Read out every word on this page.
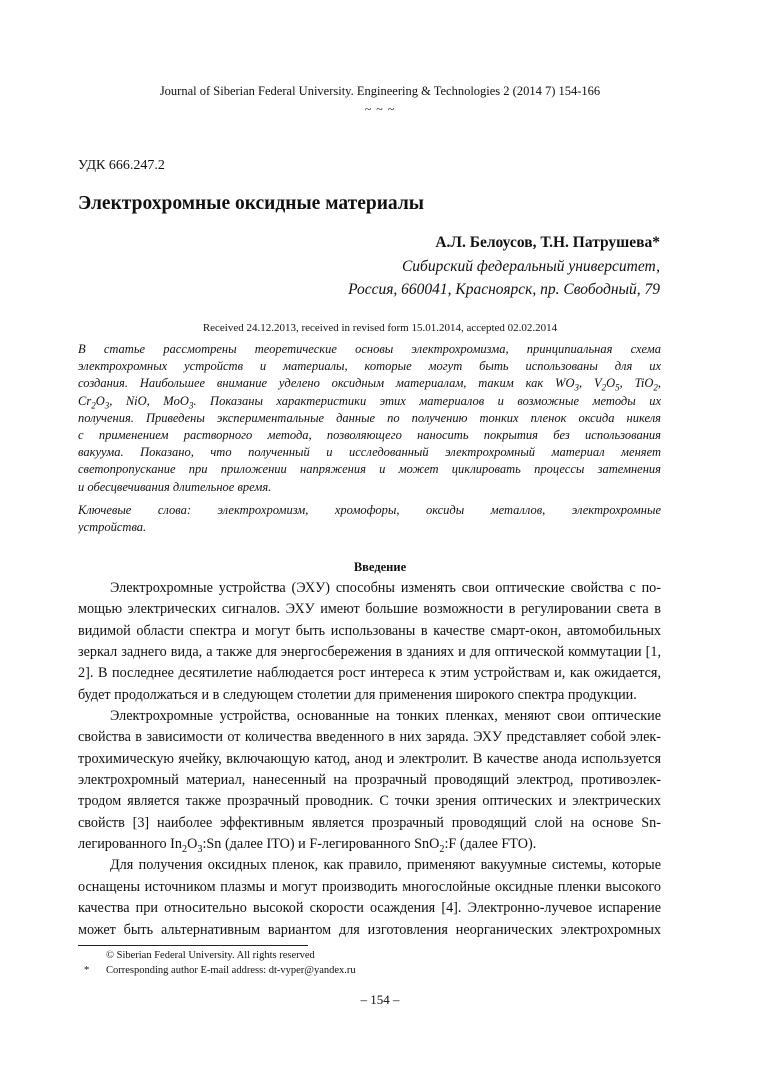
Journal of Siberian Federal University. Engineering & Technologies 2 (2014 7) 154-166
~ ~ ~
УДК 666.247.2
Электрохромные оксидные материалы
А.Л. Белоусов, Т.Н. Патрушева*
Сибирский федеральный университет,
Россия, 660041, Красноярск, пр. Свободный, 79
Received 24.12.2013, received in revised form 15.01.2014, accepted 02.02.2014
В статье рассмотрены теоретические основы электрохромизма, принципиальная схема
электрохромных устройств и материалы, которые могут быть использованы для их
создания. Наибольшее внимание уделено оксидным материалам, таким как $WO_3$, $V_2O_5$, TiO$_2$,
$Cr_2O_3$, NiO, MoO$_3$. Показаны характеристики этих материалов и возможные методы их
получения. Приведены экспериментальные данные по получению тонких пленок оксида никеля
с применением растворного метода, позволяющего наносить покрытия без использования
вакуума. Показано, что полученный и исследованный электрохромный материал меняет
светопропускание при приложении напряжения и может циклировать процессы затемнения
и обесцвечивания длительное время.
Ключевые слова: электрохромизм, хромофоры, оксиды металлов, электрохромные
устройства.
Введение
Электрохромные устройства (ЭХУ) способны изменять свои оптические свойства с по-
мощью электрических сигналов. ЭХУ имеют большие возможности в регулировании света в
видимой области спектра и могут быть использованы в качестве смарт-окон, автомобильных
зеркал заднего вида, а также для энергосбережения в зданиях и для оптической коммутации [1,
2]. В последнее десятилетие наблюдается рост интереса к этим устройствам и, как ожидается,
будет продолжаться и в следующем столетии для применения широкого спектра продукции.
Электрохромные устройства, основанные на тонких пленках, меняют свои оптические
свойства в зависимости от количества введенного в них заряда. ЭХУ представляет собой элек-
трохимическую ячейку, включающую катод, анод и электролит. В качестве анода используется
электрохромный материал, нанесенный на прозрачный проводящий электрод, противоэлек-
тродом является также прозрачный проводник. С точки зрения оптических и электрических
свойств [3] наиболее эффективным является прозрачный проводящий слой на основе Sn-
легированного $In_2O_3:Sn$ (далее ITO) и F-легированного SnO$_2$:F (далее FTO).
Для получения оксидных пленок, как правило, применяют вакуумные системы, которые
оснащены источником плазмы и могут производить многослойные оксидные пленки высокого
качества при относительно высокой скорости осаждения [4]. Электронно-лучевое испарение
может быть альтернативным вариантом для изготовления неорганических электрохромных
© Siberian Federal University. All rights reserved
* Corresponding author E-mail address: dt-vyper@yandex.ru
– 154 –
